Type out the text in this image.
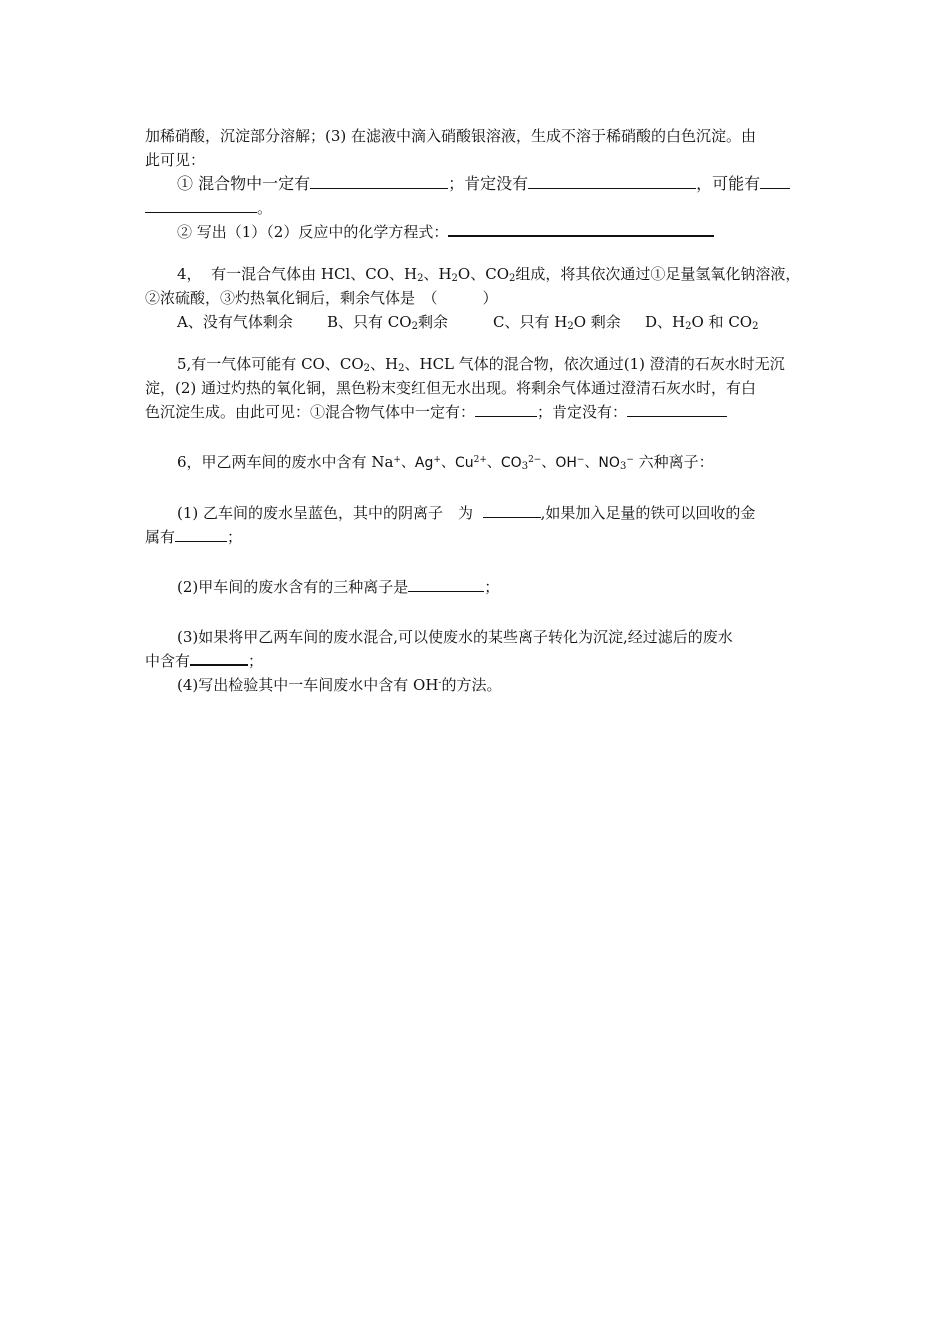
加稀硝酸，沉淀部分溶解；(3) 在滤液中滴入硝酸银溶液，生成不溶于稀硝酸的白色沉淀。由

此可见：

① 混合物中一定有	；肯定没有	，可能有

。

② 写出（1）（2）反应中的化学方程式：

4， 有一混合气体由 HCl、CO、$H_2$、$H_2O$、$CO_2$组成，将其依次通过①足量氢氧化钠溶液，

②浓硫酸，③灼热氧化铜后，剩余气体是　（　　　）

A、没有气体剩余 B、只有 $CO_2$剩余	C、只有 $H_2O$ 剩余 D、$H_2O$ 和 $CO_2$

5,有一气体可能有 CO、$CO_2$、$H_2$、HCL 气体的混合物，依次通过(1) 澄清的石灰水时无沉

淀，(2) 通过灼热的氧化铜，黑色粉末变红但无水出现。将剩余气体通过澄清石灰水时，有白

色沉淀生成。由此可见：①混合物气体中一定有：	；肯定没有：

6，甲乙两车间的废水中含有 Na+、Ag+、$Cu^{2+}$、$CO_3^{2-}$、OH−、$NO_3^-$ 六种离子：

(1) 乙车间的废水呈蓝色，其中的阴离子　为	,如果加入足量的铁可以回收的金

属有	；

(2)甲车间的废水含有的三种离子是	；

(3)如果将甲乙两车间的废水混合,可以使废水的某些离子转化为沉淀,经过滤后的废水

中含有	；

(4)写出检验其中一车间废水中含有 OH-的方法。
